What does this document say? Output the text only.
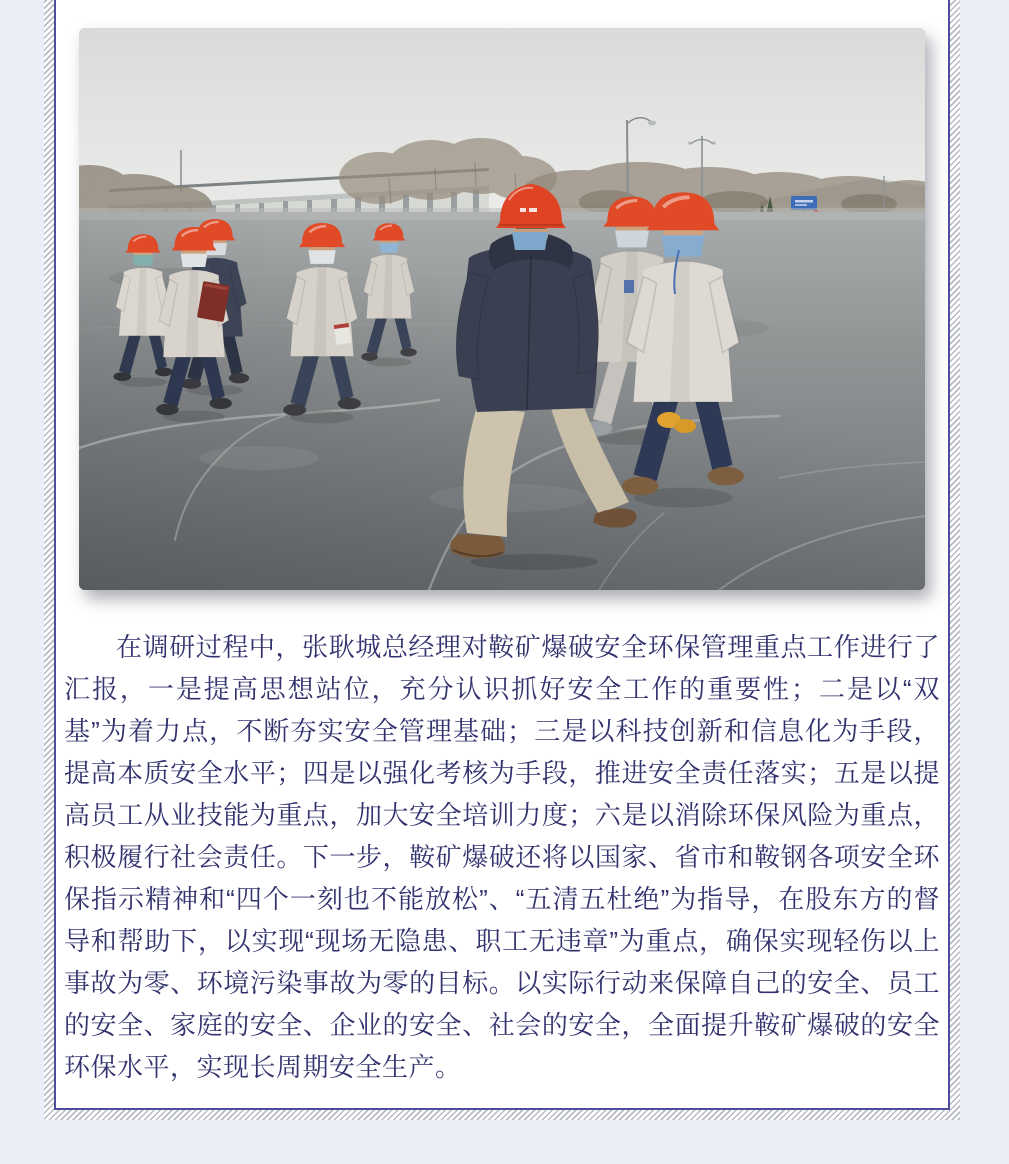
在调研过程中，张耿城总经理对鞍矿爆破安全环保管理重点工作进行了汇报，一是提高思想站位，充分认识抓好安全工作的重要性；二是以“双基”为着力点，不断夯实安全管理基础；三是以科技创新和信息化为手段，提高本质安全水平；四是以强化考核为手段，推进安全责任落实；五是以提高员工从业技能为重点，加大安全培训力度；六是以消除环保风险为重点，积极履行社会责任。下一步，鞍矿爆破还将以国家、省市和鞍钢各项安全环保指示精神和“四个一刻也不能放松”、“五清五杜绝”为指导，在股东方的督导和帮助下，以实现“现场无隐患、职工无违章”为重点，确保实现轻伤以上事故为零、环境污染事故为零的目标。以实际行动来保障自己的安全、员工的安全、家庭的安全、企业的安全、社会的安全，全面提升鞍矿爆破的安全环保水平，实现长周期安全生产。
